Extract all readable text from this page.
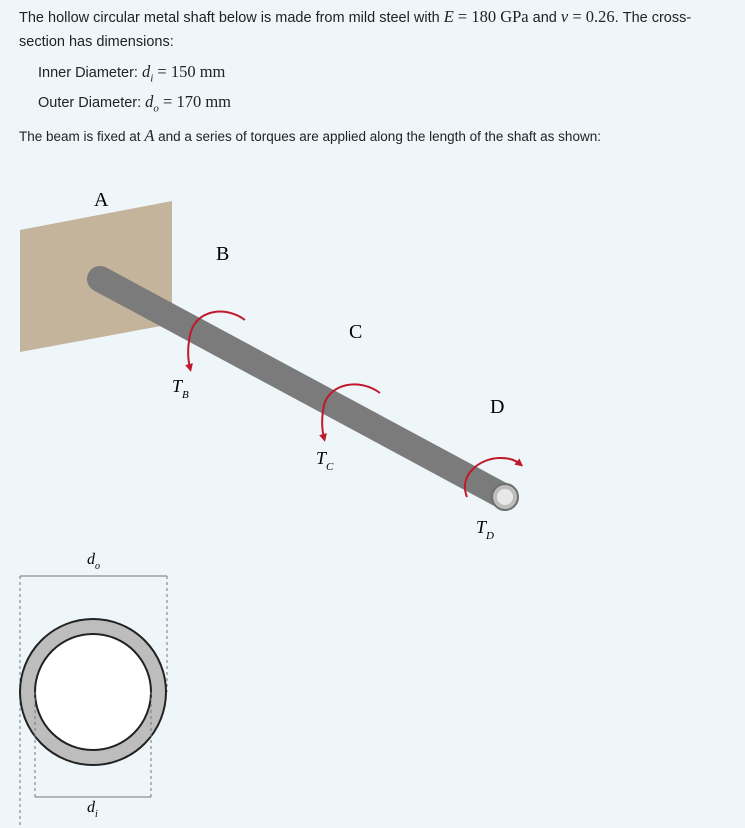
The hollow circular metal shaft below is made from mild steel with E = 180 GPa and ν = 0.26. The cross-section has dimensions:
Inner Diameter: $d_i = 150$ mm
Outer Diameter: $d_o = 170$ mm
The beam is fixed at A and a series of torques are applied along the length of the shaft as shown:
A
B
C
D
$T_B$
$T_C$
$T_D$
$d_o$
$d_i$
